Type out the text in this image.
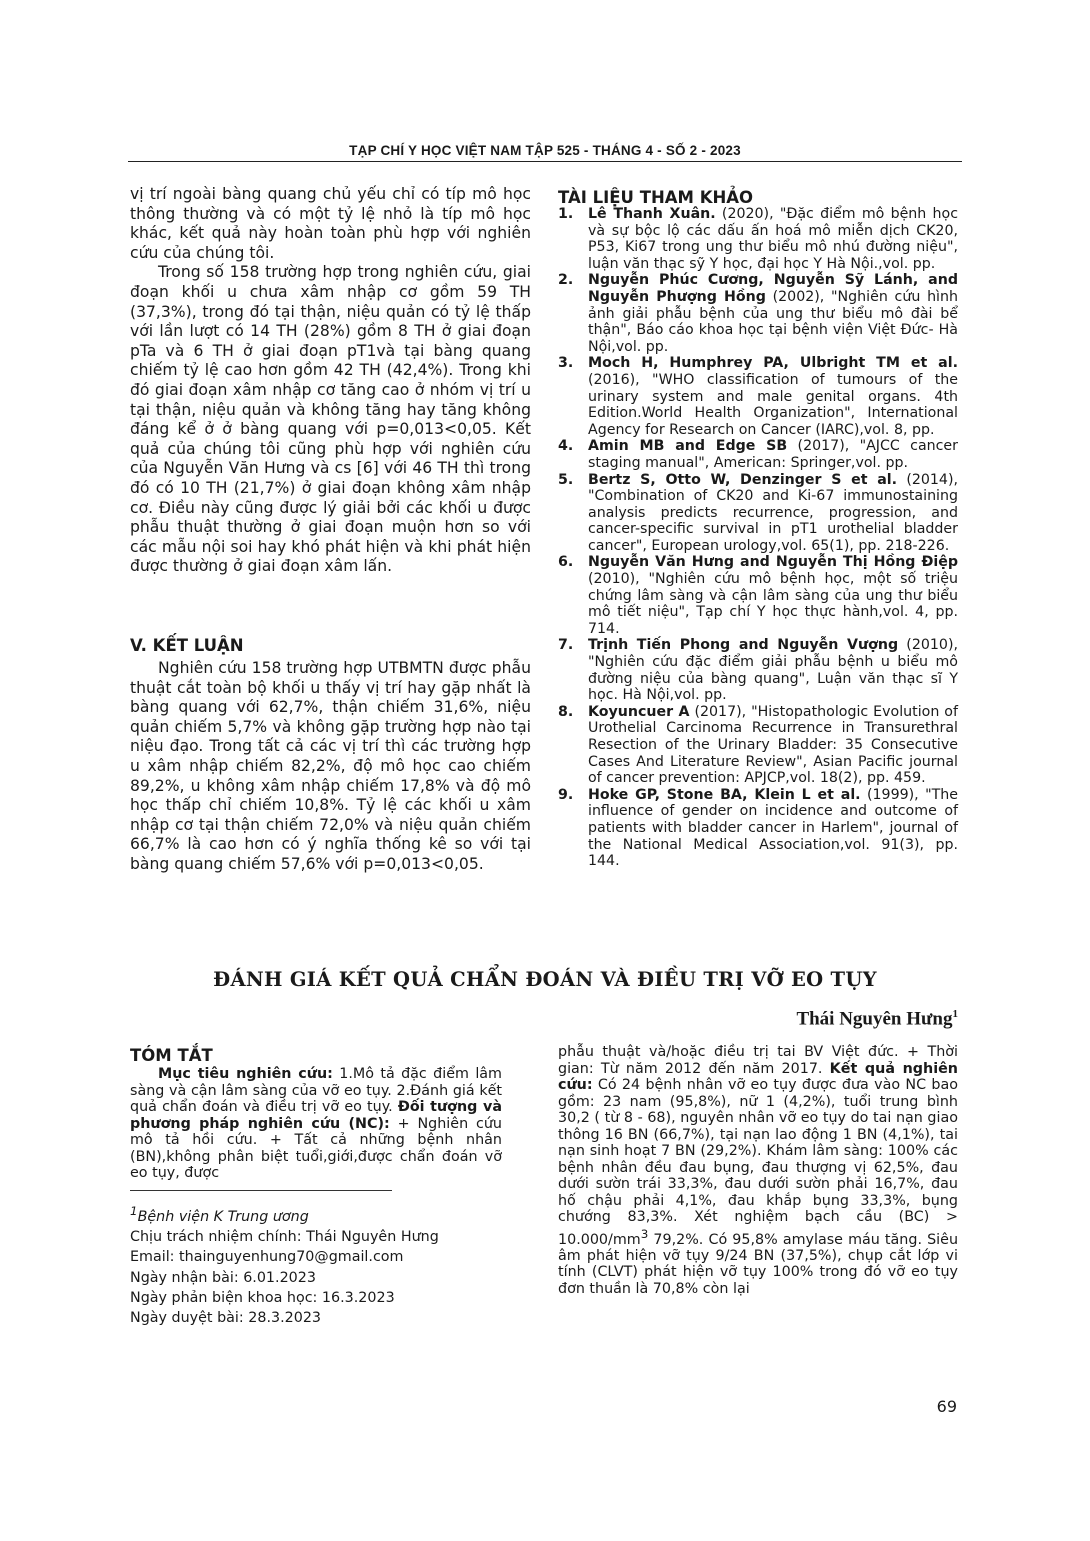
TẠP CHÍ Y HỌC VIỆT NAM TẬP 525 - THÁNG 4 - SỐ 2 - 2023

vị trí ngoài bàng quang chủ yếu chỉ có típ mô học thông thường và có một tỷ lệ nhỏ là típ mô học khác, kết quả này hoàn toàn phù hợp với nghiên cứu của chúng tôi.

Trong số 158 trường hợp trong nghiên cứu, giai đoạn khối u chưa xâm nhập cơ gồm 59 TH (37,3%), trong đó tại thận, niệu quản có tỷ lệ thấp với lần lượt có 14 TH (28%) gồm 8 TH ở giai đoạn pTa và 6 TH ở giai đoạn pT1và tại bàng quang chiếm tỷ lệ cao hơn gồm 42 TH (42,4%). Trong khi đó giai đoạn xâm nhập cơ tăng cao ở nhóm vị trí u tại thận, niệu quản và không tăng hay tăng không đáng kể ở ở bàng quang với p=0,013<0,05. Kết quả của chúng tôi cũng phù hợp với nghiên cứu của Nguyễn Văn Hưng và cs [6] với 46 TH thì trong đó có 10 TH (21,7%) ở giai đoạn không xâm nhập cơ. Điều này cũng được lý giải bởi các khối u được phẫu thuật thường ở giai đoạn muộn hơn so với các mẫu nội soi hay khó phát hiện và khi phát hiện được thường ở giai đoạn xâm lấn.

V. KẾT LUẬN

Nghiên cứu 158 trường hợp UTBMTN được phẫu thuật cắt toàn bộ khối u thấy vị trí hay gặp nhất là bàng quang với 62,7%, thận chiếm 31,6%, niệu quản chiếm 5,7% và không gặp trường hợp nào tại niệu đạo. Trong tất cả các vị trí thì các trường hợp u xâm nhập chiếm 82,2%, độ mô học cao chiếm 89,2%, u không xâm nhập chiếm 17,8% và độ mô học thấp chỉ chiếm 10,8%. Tỷ lệ các khối u xâm nhập cơ tại thận chiếm 72,0% và niệu quản chiếm 66,7% là cao hơn có ý nghĩa thống kê so với tại bàng quang chiếm 57,6% với p=0,013<0,05.

TÀI LIỆU THAM KHẢO
1. Lê Thanh Xuân. (2020), "Đặc điểm mô bệnh học và sự bộc lộ các dấu ấn hoá mô miễn dịch CK20, P53, Ki67 trong ung thư biểu mô nhú đường niệu", luận văn thạc sỹ Y học, đại học Y Hà Nội.,vol. pp.
2. Nguyễn Phúc Cương, Nguyễn Sỹ Lánh, and Nguyễn Phượng Hồng (2002), "Nghiên cứu hình ảnh giải phẫu bệnh của ung thư biểu mô đài bể thận", Báo cáo khoa học tại bệnh viện Việt Đức- Hà Nội,vol. pp.
3. Moch H, Humphrey PA, Ulbright TM et al. (2016), "WHO classification of tumours of the urinary system and male genital organs. 4th Edition.World Health Organization", International Agency for Research on Cancer (IARC),vol. 8, pp.
4. Amin MB and Edge SB (2017), "AJCC cancer staging manual", American: Springer,vol. pp.
5. Bertz S, Otto W, Denzinger S et al. (2014), "Combination of CK20 and Ki-67 immunostaining analysis predicts recurrence, progression, and cancer-specific survival in pT1 urothelial bladder cancer", European urology,vol. 65(1), pp. 218-226.
6. Nguyễn Văn Hưng and Nguyễn Thị Hồng Điệp (2010), "Nghiên cứu mô bệnh học, một số triệu chứng lâm sàng và cận lâm sàng của ung thư biểu mô tiết niệu", Tạp chí Y học thực hành,vol. 4, pp. 714.
7. Trịnh Tiến Phong and Nguyễn Vượng (2010), "Nghiên cứu đặc điểm giải phẫu bệnh u biểu mô đường niệu của bàng quang", Luận văn thạc sĩ Y học. Hà Nội,vol. pp.
8. Koyuncuer A (2017), "Histopathologic Evolution of Urothelial Carcinoma Recurrence in Transurethral Resection of the Urinary Bladder: 35 Consecutive Cases And Literature Review", Asian Pacific journal of cancer prevention: APJCP,vol. 18(2), pp. 459.
9. Hoke GP, Stone BA, Klein L et al. (1999), "The influence of gender on incidence and outcome of patients with bladder cancer in Harlem", journal of the National Medical Association,vol. 91(3), pp. 144.
ĐÁNH GIÁ KẾT QUẢ CHẨN ĐOÁN VÀ ĐIỀU TRỊ VỠ EO TỤY
Thái Nguyên Hưng$^1$
TÓM TẮT

Mục tiêu nghiên cứu: 1.Mô tả đặc điểm lâm sàng và cận lâm sàng của vỡ eo tụy. 2.Đánh giá kết quả chẩn đoán và điều trị vỡ eo tụy. Đối tượng và phương pháp nghiên cứu (NC): + Nghiên cứu mô tả hồi cứu. + Tất cả những bệnh nhân (BN),không phân biệt tuổi,giới,được chẩn đoán vỡ eo tụy, được

phẫu thuật và/hoặc điều trị tai BV Việt đức. + Thời gian: Từ năm 2012 đến năm 2017. Kết quả nghiên cứu: Có 24 bệnh nhân vỡ eo tụy được đưa vào NC bao gồm: 23 nam (95,8%), nữ 1 (4,2%), tuổi trung bình 30,2 ( từ 8 - 68), nguyên nhân vỡ eo tụy do tai nạn giao thông 16 BN (66,7%), tại nạn lao động 1 BN (4,1%), tai nạn sinh hoạt 7 BN (29,2%). Khám lâm sàng: 100% các bệnh nhân đều đau bụng, đau thượng vị 62,5%, đau dưới sườn trái 33,3%, đau dưới sườn phải 16,7%, đau hố chậu phải 4,1%, đau khắp bụng 33,3%, bụng chướng 83,3%. Xét nghiệm bạch cầu $(BC) > 10.000/mm^3$ 79,2%. Có 95,8% amylase máu tăng. Siêu âm phát hiện vỡ tụy 9/24 BN (37,5%), chụp cắt lớp vi tính (CLVT) phát hiện vỡ tụy 100% trong đó vỡ eo tụy đơn thuần là 70,8% còn lại

$^1$Bệnh viện K Trung ương
Chịu trách nhiệm chính: Thái Nguyên Hưng
Email: thainguyenhung70@gmail.com
Ngày nhận bài: 6.01.2023
Ngày phản biện khoa học: 16.3.2023
Ngày duyệt bài: 28.3.2023
69
